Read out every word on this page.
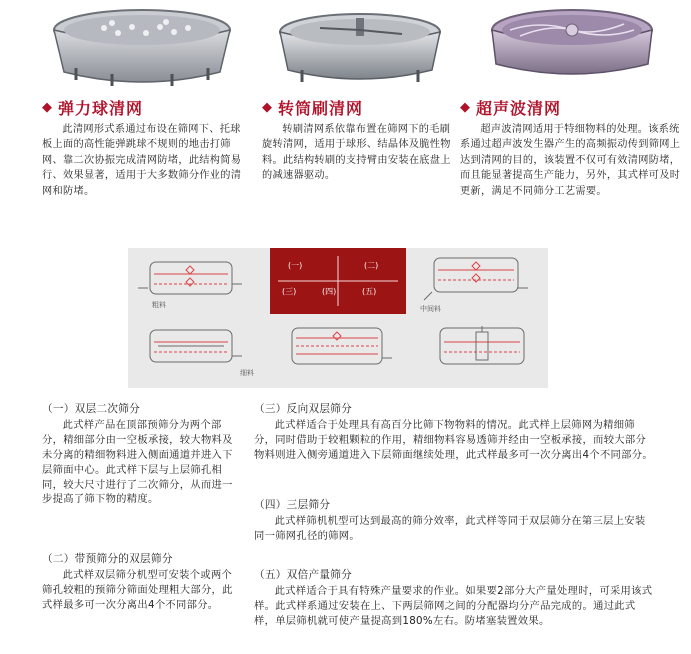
◆ 弹力球清网
此清网形式系通过布设在筛网下、托球板上面的高性能弹跳球不规则的地击打筛网、靠二次协振完成清网防堵，此结构简易行、效果显著，适用于大多数筛分作业的清网和防堵。
◆ 转筒刷清网
转刷清网系依靠布置在筛网下的毛刷旋转清网，适用于球形、结晶体及脆性物料。此结构转刷的支持臂由安装在底盘上的减速器驱动。
◆ 超声波清网
超声波清网适用于特细物料的处理。该系统系通过超声波发生器产生的高频振动传到筛网上达到清网的目的，该装置不仅可有效清网防堵，而且能显著提高生产能力，另外，其式样可及时更新，满足不同筛分工艺需要。
(一)	(二)
(三)	(四)	(五)
粗料
细料
中间料
（一）双层二次筛分
此式样产品在顶部预筛分为两个部分，精细部分由一空板承接，较大物料及未分离的精细物料进入侧面通道并进入下层筛面中心。此式样下层与上层筛孔相同，较大尺寸进行了二次筛分，从而进一步提高了筛下物的精度。
（二）带预筛分的双层筛分
此式样双层筛分机型可安装个或两个筛孔较粗的预筛分筛面处理粗大部分，此式样最多可一次分离出4个不同部分。
（三）反向双层筛分
此式样适合于处理具有高百分比筛下物物料的情况。此式样上层筛网为精细筛分，同时借助于较粗颗粒的作用，精细物料容易透筛并经由一空板承接，而较大部分物料则进入侧旁通道进入下层筛面继续处理，此式样最多可一次分离出4个不同部分。
（四）三层筛分
此式样筛机机型可达到最高的筛分效率，此式样等同于双层筛分在第三层上安装同一筛网孔径的筛网。
（五）双倍产量筛分
此式样适合于具有特殊产量要求的作业。如果要2部分大产量处理时，可采用该式样。此式样系通过安装在上、下两层筛网之间的分配器均分产品完成的。通过此式样，单层筛机就可使产量提高到180%左右。防堵塞装置效果。
